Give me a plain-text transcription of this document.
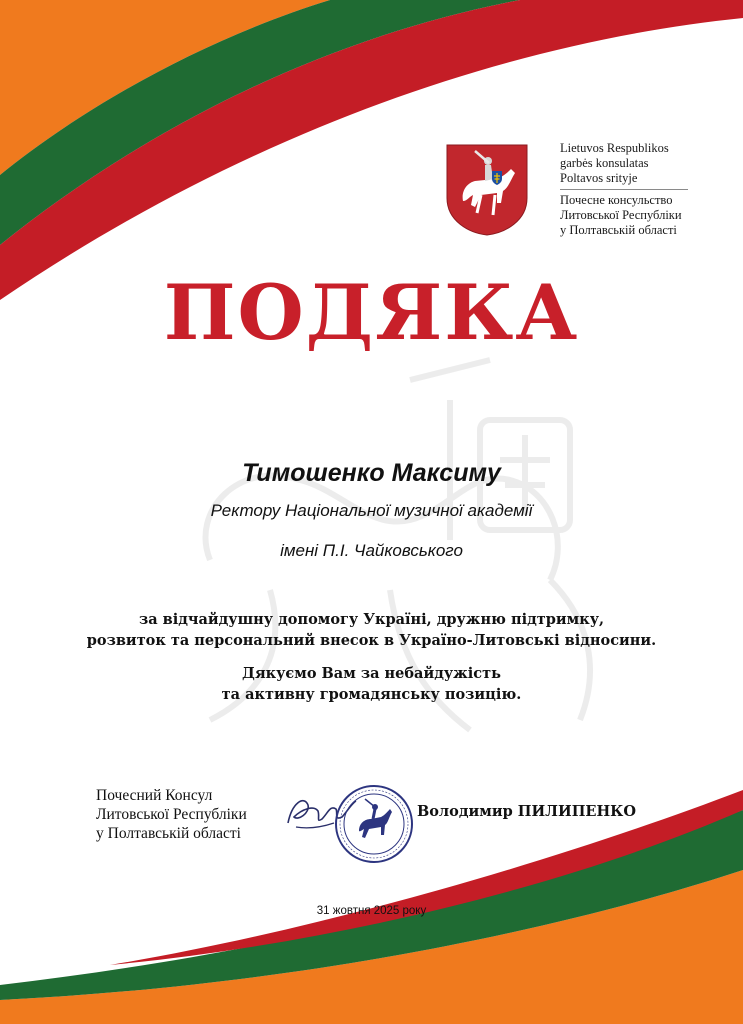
Lietuvos Respublikos
garbės konsulatas
Poltavos srityje
Почесне консульство
Литовської Республіки
у Полтавській області
ПОДЯКА
Тимошенко Максиму
Ректору Національної музичної академії
імені П.І. Чайковського
за відчайдушну допомогу Україні, дружню підтримку,
розвиток та персональний внесок в Україно-Литовські відносини.
Дякуємо Вам за небайдужість
та активну громадянську позицію.
Почесний Консул
Литовської Республіки
у Полтавській області
Володимир ПИЛИПЕНКО
31 жовтня 2025 року
